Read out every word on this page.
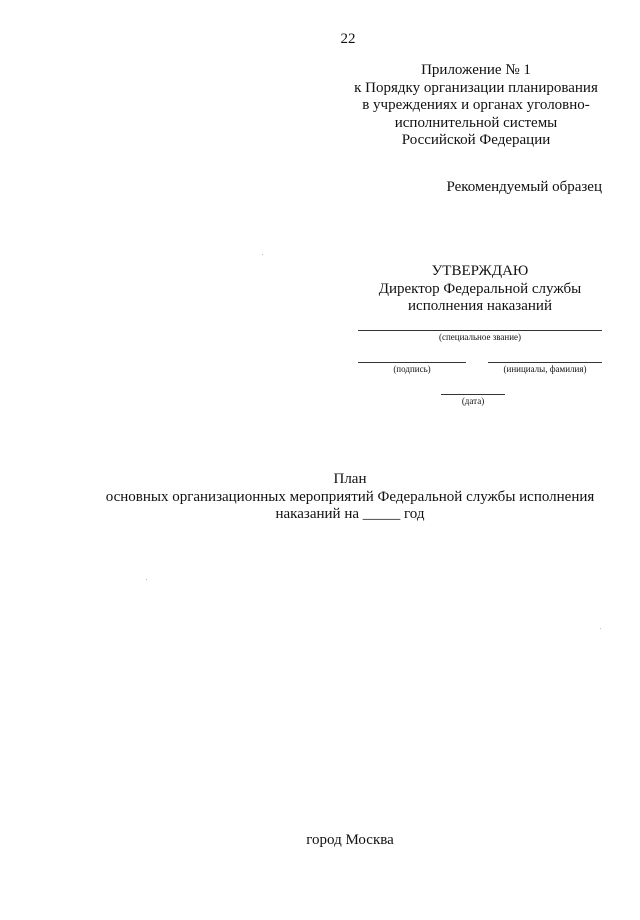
22
Приложение № 1
к Порядку организации планирования
в учреждениях и органах уголовно-
исполнительной системы
Российской Федерации
Рекомендуемый образец
УТВЕРЖДАЮ
Директор Федеральной службы
исполнения наказаний
(специальное звание)
(подпись)	(инициалы, фамилия)
(дата)
План
основных организационных мероприятий Федеральной службы исполнения
наказаний на _____ год
город Москва
